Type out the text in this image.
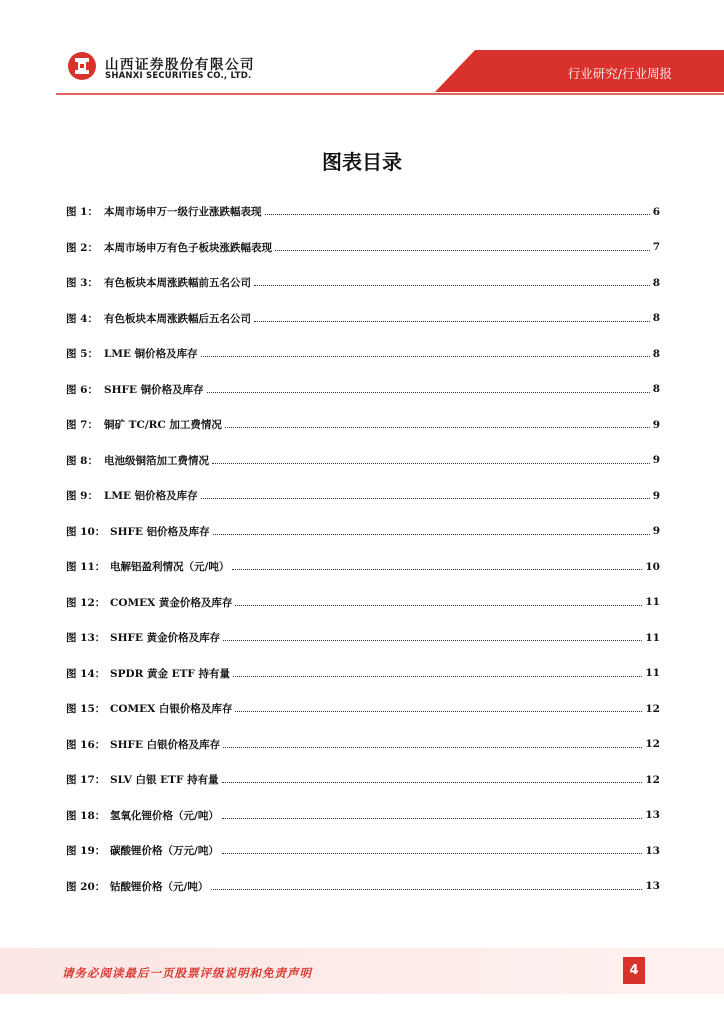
山西证券股份有限公司
SHANXI SECURITIES CO., LTD.	行业研究/行业周报
图表目录
图 1： 本周市场申万一级行业涨跌幅表现	6
图 2： 本周市场申万有色子板块涨跌幅表现	7
图 3： 有色板块本周涨跌幅前五名公司	8
图 4： 有色板块本周涨跌幅后五名公司	8
图 5： LME 铜价格及库存	8
图 6： SHFE 铜价格及库存	8
图 7： 铜矿 TC/RC 加工费情况	9
图 8： 电池级铜箔加工费情况	9
图 9： LME 铝价格及库存	9
图 10： SHFE 铝价格及库存	9
图 11： 电解铝盈利情况（元/吨）	10
图 12： COMEX 黄金价格及库存	11
图 13： SHFE 黄金价格及库存	11
图 14： SPDR 黄金 ETF 持有量	11
图 15： COMEX 白银价格及库存	12
图 16： SHFE 白银价格及库存	12
图 17： SLV 白银 ETF 持有量	12
图 18： 氢氧化锂价格（元/吨）	13
图 19： 碳酸锂价格（万元/吨）	13
图 20： 钴酸锂价格（元/吨）	13
请务必阅读最后一页股票评级说明和免责声明	4
